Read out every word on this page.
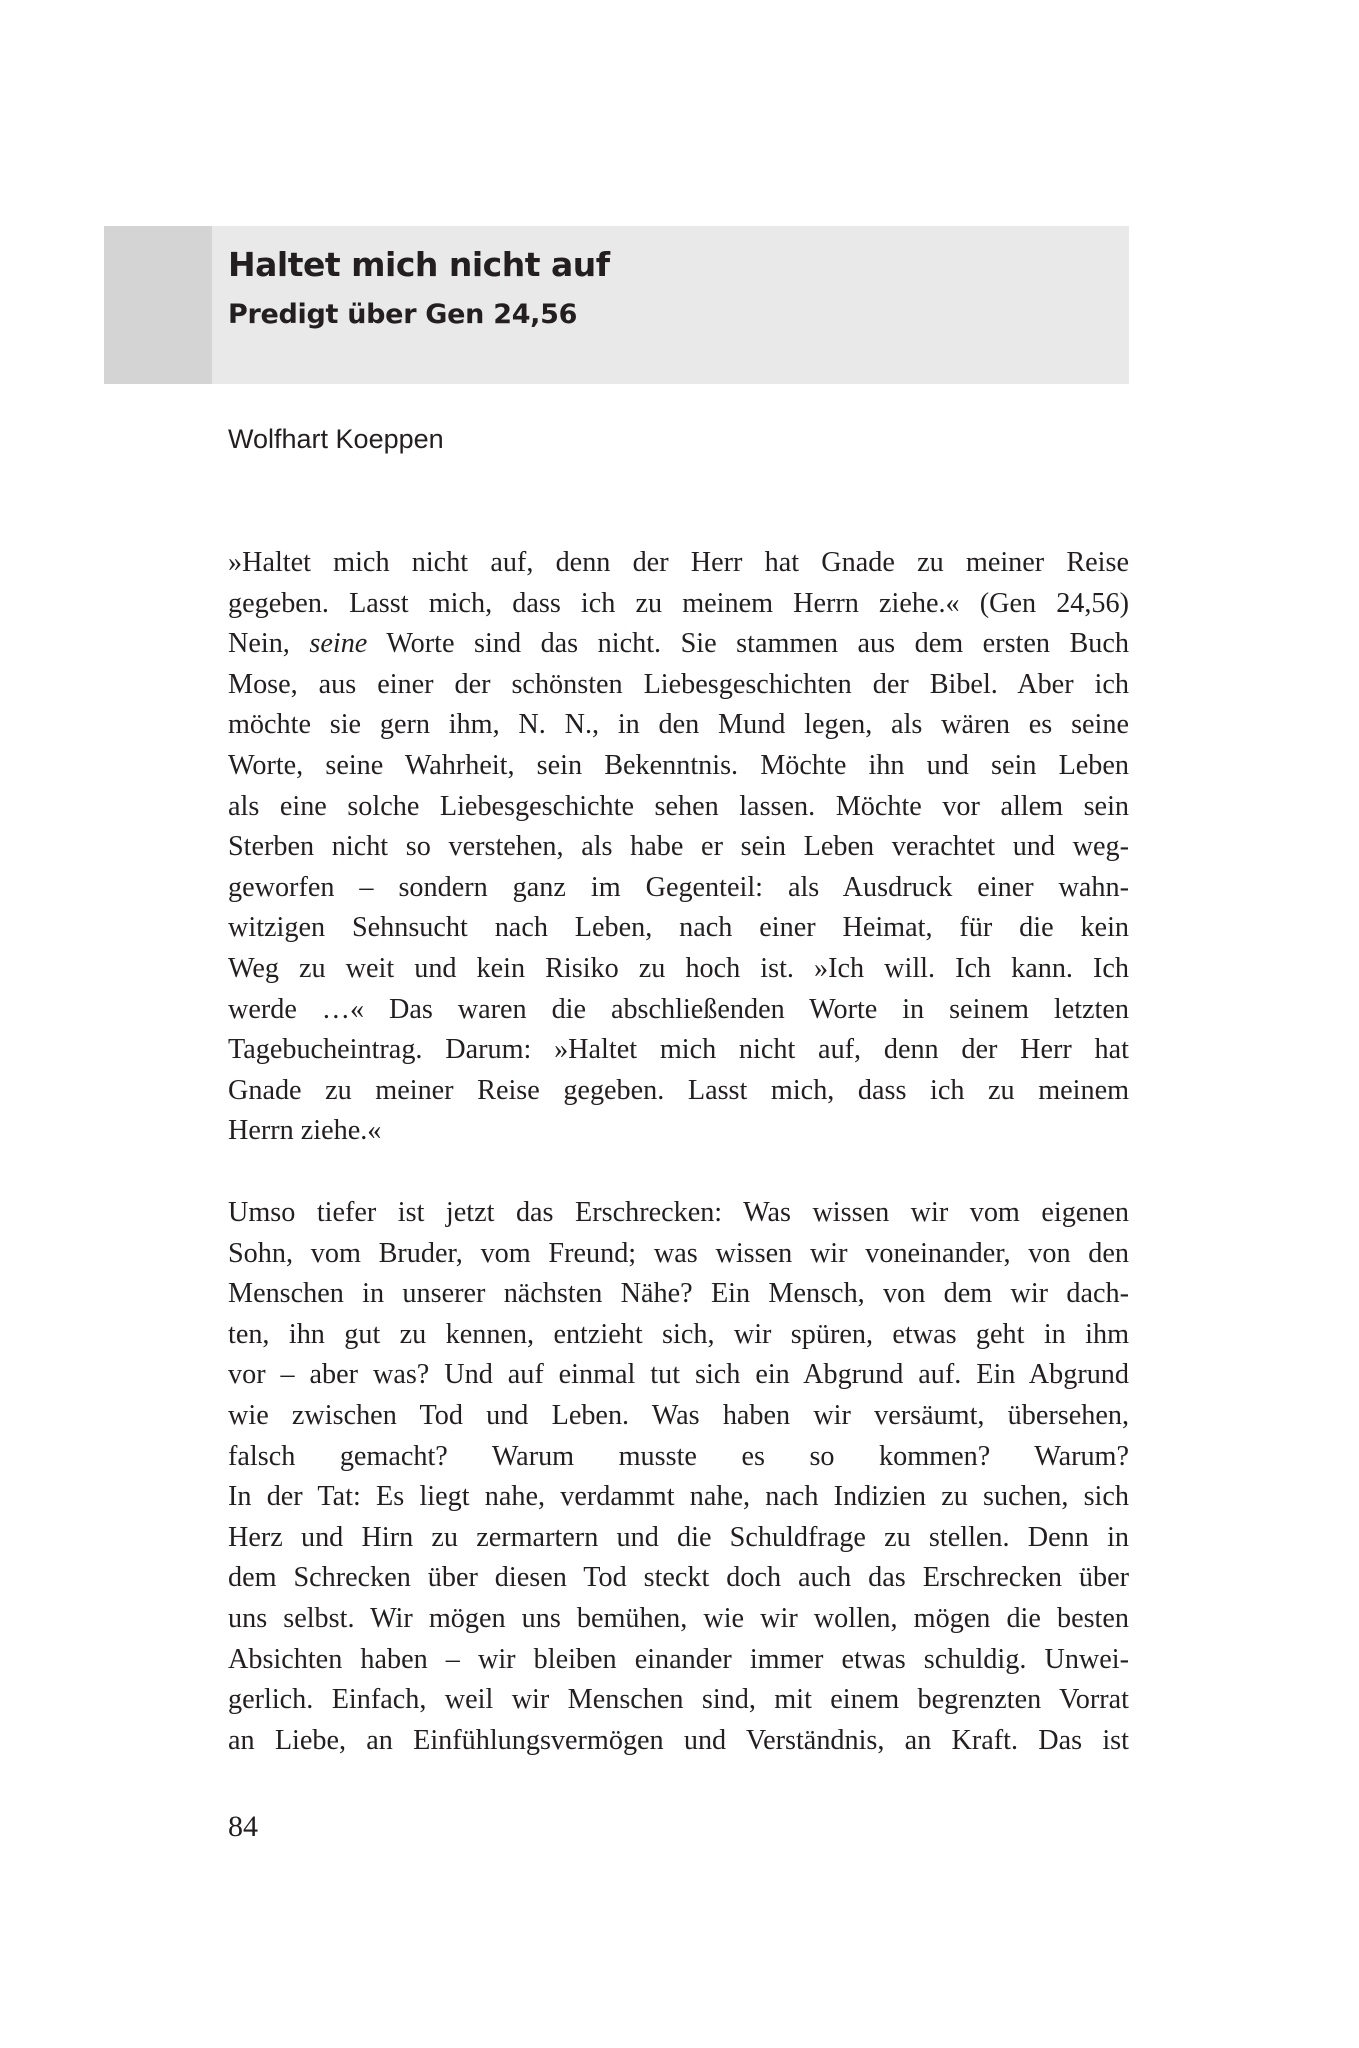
Haltet mich nicht auf
Predigt über Gen 24,56
Wolfhart Koeppen
»Haltet mich nicht auf, denn der Herr hat Gnade zu meiner Reise
gegeben. Lasst mich, dass ich zu meinem Herrn ziehe.« (Gen 24,56)
Nein, seine Worte sind das nicht. Sie stammen aus dem ersten Buch
Mose, aus einer der schönsten Liebesgeschichten der Bibel. Aber ich
möchte sie gern ihm, N. N., in den Mund legen, als wären es seine
Worte, seine Wahrheit, sein Bekenntnis. Möchte ihn und sein Leben
als eine solche Liebesgeschichte sehen lassen. Möchte vor allem sein
Sterben nicht so verstehen, als habe er sein Leben verachtet und weg-
geworfen – sondern ganz im Gegenteil: als Ausdruck einer wahn-
witzigen Sehnsucht nach Leben, nach einer Heimat, für die kein
Weg zu weit und kein Risiko zu hoch ist. »Ich will. Ich kann. Ich
werde …« Das waren die abschließenden Worte in seinem letzten
Tagebucheintrag. Darum: »Haltet mich nicht auf, denn der Herr hat
Gnade zu meiner Reise gegeben. Lasst mich, dass ich zu meinem
Herrn ziehe.«
Umso tiefer ist jetzt das Erschrecken: Was wissen wir vom eigenen
Sohn, vom Bruder, vom Freund; was wissen wir voneinander, von den
Menschen in unserer nächsten Nähe? Ein Mensch, von dem wir dach-
ten, ihn gut zu kennen, entzieht sich, wir spüren, etwas geht in ihm
vor – aber was? Und auf einmal tut sich ein Abgrund auf. Ein Abgrund
wie zwischen Tod und Leben. Was haben wir versäumt, übersehen,
falsch gemacht? Warum musste es so kommen? Warum?
In der Tat: Es liegt nahe, verdammt nahe, nach Indizien zu suchen, sich
Herz und Hirn zu zermartern und die Schuldfrage zu stellen. Denn in
dem Schrecken über diesen Tod steckt doch auch das Erschrecken über
uns selbst. Wir mögen uns bemühen, wie wir wollen, mögen die besten
Absichten haben – wir bleiben einander immer etwas schuldig. Unwei-
gerlich. Einfach, weil wir Menschen sind, mit einem begrenzten Vorrat
an Liebe, an Einfühlungsvermögen und Verständnis, an Kraft. Das ist
84
